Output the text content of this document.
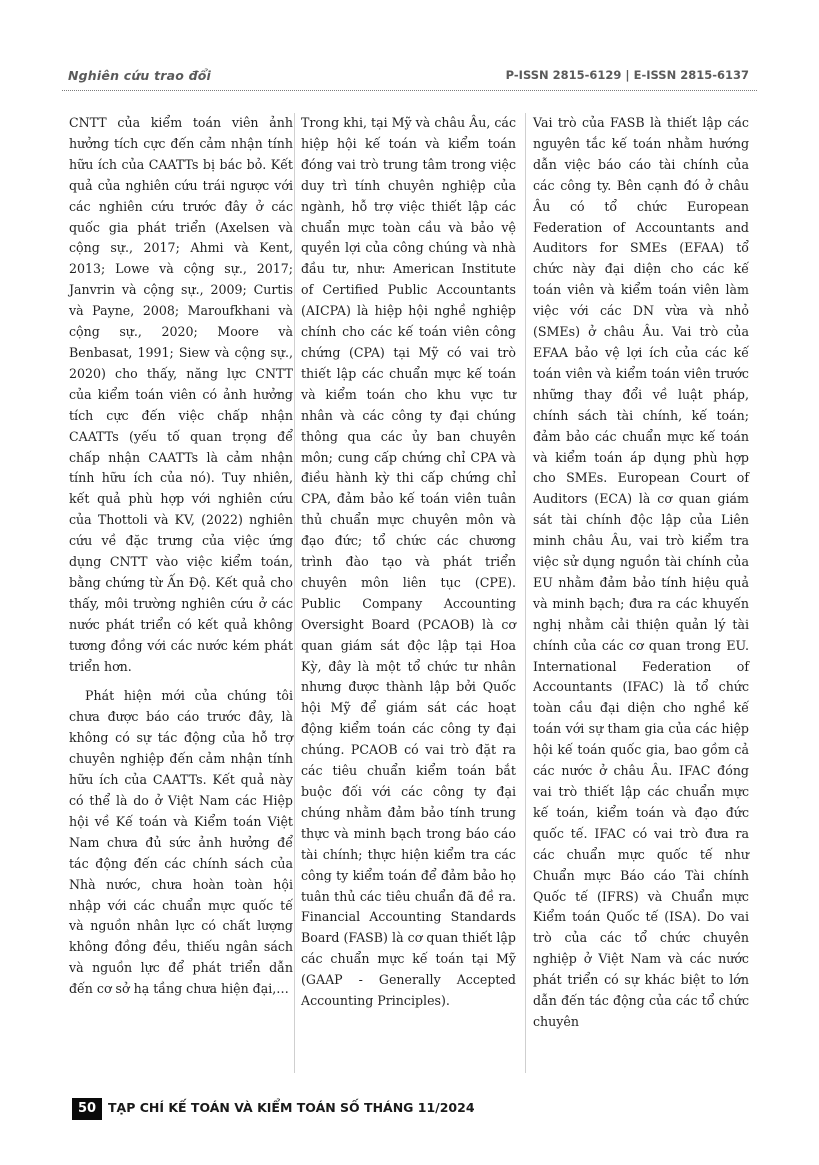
Nghiên cứu trao đổi	P-ISSN 2815-6129 | E-ISSN 2815-6137

CNTT của kiểm toán viên ảnh hưởng tích cực đến cảm nhận tính hữu ích của CAATTs bị bác bỏ. Kết quả của nghiên cứu trái ngược với các nghiên cứu trước đây ở các quốc gia phát triển (Axelsen và cộng sự., 2017; Ahmi và Kent, 2013; Lowe và cộng sự., 2017; Janvrin và cộng sự., 2009; Curtis và Payne, 2008; Maroufkhani và cộng sự., 2020; Moore và Benbasat, 1991; Siew và cộng sự., 2020) cho thấy, năng lực CNTT của kiểm toán viên có ảnh hưởng tích cực đến việc chấp nhận CAATTs (yếu tố quan trọng để chấp nhận CAATTs là cảm nhận tính hữu ích của nó). Tuy nhiên, kết quả phù hợp với nghiên cứu của Thottoli và KV, (2022) nghiên cứu về đặc trưng của việc ứng dụng CNTT vào việc kiểm toán, bằng chứng từ Ấn Độ. Kết quả cho thấy, môi trường nghiên cứu ở các nước phát triển có kết quả không tương đồng với các nước kém phát triển hơn.

Phát hiện mới của chúng tôi chưa được báo cáo trước đây, là không có sự tác động của hỗ trợ chuyên nghiệp đến cảm nhận tính hữu ích của CAATTs. Kết quả này có thể là do ở Việt Nam các Hiệp hội về Kế toán và Kiểm toán Việt Nam chưa đủ sức ảnh hưởng để tác động đến các chính sách của Nhà nước, chưa hoàn toàn hội nhập với các chuẩn mực quốc tế và nguồn nhân lực có chất lượng không đồng đều, thiếu ngân sách và nguồn lực để phát triển dẫn đến cơ sở hạ tầng chưa hiện đại,…

Trong khi, tại Mỹ và châu Âu, các hiệp hội kế toán và kiểm toán đóng vai trò trung tâm trong việc duy trì tính chuyên nghiệp của ngành, hỗ trợ việc thiết lập các chuẩn mực toàn cầu và bảo vệ quyền lợi của công chúng và nhà đầu tư, như: American Institute of Certified Public Accountants (AICPA) là hiệp hội nghề nghiệp chính cho các kế toán viên công chứng (CPA) tại Mỹ có vai trò thiết lập các chuẩn mực kế toán và kiểm toán cho khu vực tư nhân và các công ty đại chúng thông qua các ủy ban chuyên môn; cung cấp chứng chỉ CPA và điều hành kỳ thi cấp chứng chỉ CPA, đảm bảo kế toán viên tuân thủ chuẩn mực chuyên môn và đạo đức; tổ chức các chương trình đào tạo và phát triển chuyên môn liên tục (CPE). Public Company Accounting Oversight Board (PCAOB) là cơ quan giám sát độc lập tại Hoa Kỳ, đây là một tổ chức tư nhân nhưng được thành lập bởi Quốc hội Mỹ để giám sát các hoạt động kiểm toán các công ty đại chúng. PCAOB có vai trò đặt ra các tiêu chuẩn kiểm toán bắt buộc đối với các công ty đại chúng nhằm đảm bảo tính trung thực và minh bạch trong báo cáo tài chính; thực hiện kiểm tra các công ty kiểm toán để đảm bảo họ tuân thủ các tiêu chuẩn đã đề ra. Financial Accounting Standards Board (FASB) là cơ quan thiết lập các chuẩn mực kế toán tại Mỹ (GAAP - Generally Accepted Accounting Principles).

Vai trò của FASB là thiết lập các nguyên tắc kế toán nhằm hướng dẫn việc báo cáo tài chính của các công ty. Bên cạnh đó ở châu Âu có tổ chức European Federation of Accountants and Auditors for SMEs (EFAA) tổ chức này đại diện cho các kế toán viên và kiểm toán viên làm việc với các DN vừa và nhỏ (SMEs) ở châu Âu. Vai trò của EFAA bảo vệ lợi ích của các kế toán viên và kiểm toán viên trước những thay đổi về luật pháp, chính sách tài chính, kế toán; đảm bảo các chuẩn mực kế toán và kiểm toán áp dụng phù hợp cho SMEs. European Court of Auditors (ECA) là cơ quan giám sát tài chính độc lập của Liên minh châu Âu, vai trò kiểm tra việc sử dụng nguồn tài chính của EU nhằm đảm bảo tính hiệu quả và minh bạch; đưa ra các khuyến nghị nhằm cải thiện quản lý tài chính của các cơ quan trong EU. International Federation of Accountants (IFAC) là tổ chức toàn cầu đại diện cho nghề kế toán với sự tham gia của các hiệp hội kế toán quốc gia, bao gồm cả các nước ở châu Âu. IFAC đóng vai trò thiết lập các chuẩn mực kế toán, kiểm toán và đạo đức quốc tế. IFAC có vai trò đưa ra các chuẩn mực quốc tế như Chuẩn mực Báo cáo Tài chính Quốc tế (IFRS) và Chuẩn mực Kiểm toán Quốc tế (ISA). Do vai trò của các tổ chức chuyên nghiệp ở Việt Nam và các nước phát triển có sự khác biệt to lớn dẫn đến tác động của các tổ chức chuyên

50 TẠP CHÍ KẾ TOÁN VÀ KIỂM TOÁN SỐ THÁNG 11/2024
